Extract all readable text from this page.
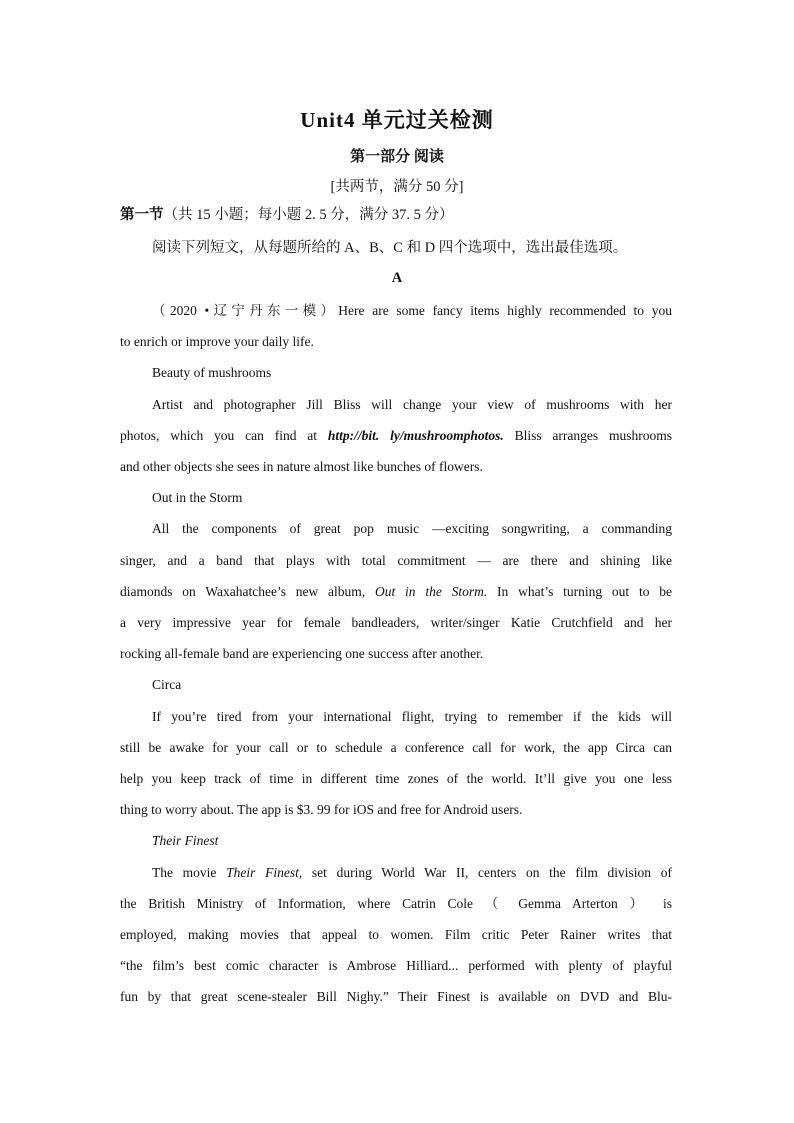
Unit4 单元过关检测
第一部分 阅读
[共两节，满分 50 分]
第一节（共 15 小题；每小题 2. 5 分，满分 37. 5 分）
阅读下列短文，从每题所给的 A、B、C 和 D 四个选项中，选出最佳选项。
A
（2020 •辽宁丹东一模）Here are some fancy items highly recommended to you
to enrich or improve your daily life.
Beauty of mushrooms
Artist and photographer Jill Bliss will change your view of mushrooms with her
photos, which you can find at http://bit. ly/mushroomphotos. Bliss arranges mushrooms
and other objects she sees in nature almost like bunches of flowers.
Out in the Storm
All the components of great pop music —exciting songwriting, a commanding
singer, and a band that plays with total commitment — are there and shining like
diamonds on Waxahatchee’s new album, Out in the Storm. In what’s turning out to be
a very impressive year for female bandleaders, writer/singer Katie Crutchfield and her
rocking all-female band are experiencing one success after another.
Circa
If you’re tired from your international flight, trying to remember if the kids will
still be awake for your call or to schedule a conference call for work, the app Circa can
help you keep track of time in different time zones of the world. It’ll give you one less
thing to worry about. The app is $3. 99 for iOS and free for Android users.
Their Finest
The movie Their Finest, set during World War II, centers on the film division of
the British Ministry of Information, where Catrin Cole （ Gemma Arterton ） is
employed, making movies that appeal to women. Film critic Peter Rainer writes that
“the film’s best comic character is Ambrose Hilliard... performed with plenty of playful
fun by that great scene-stealer Bill Nighy.” Their Finest is available on DVD and Blu-
